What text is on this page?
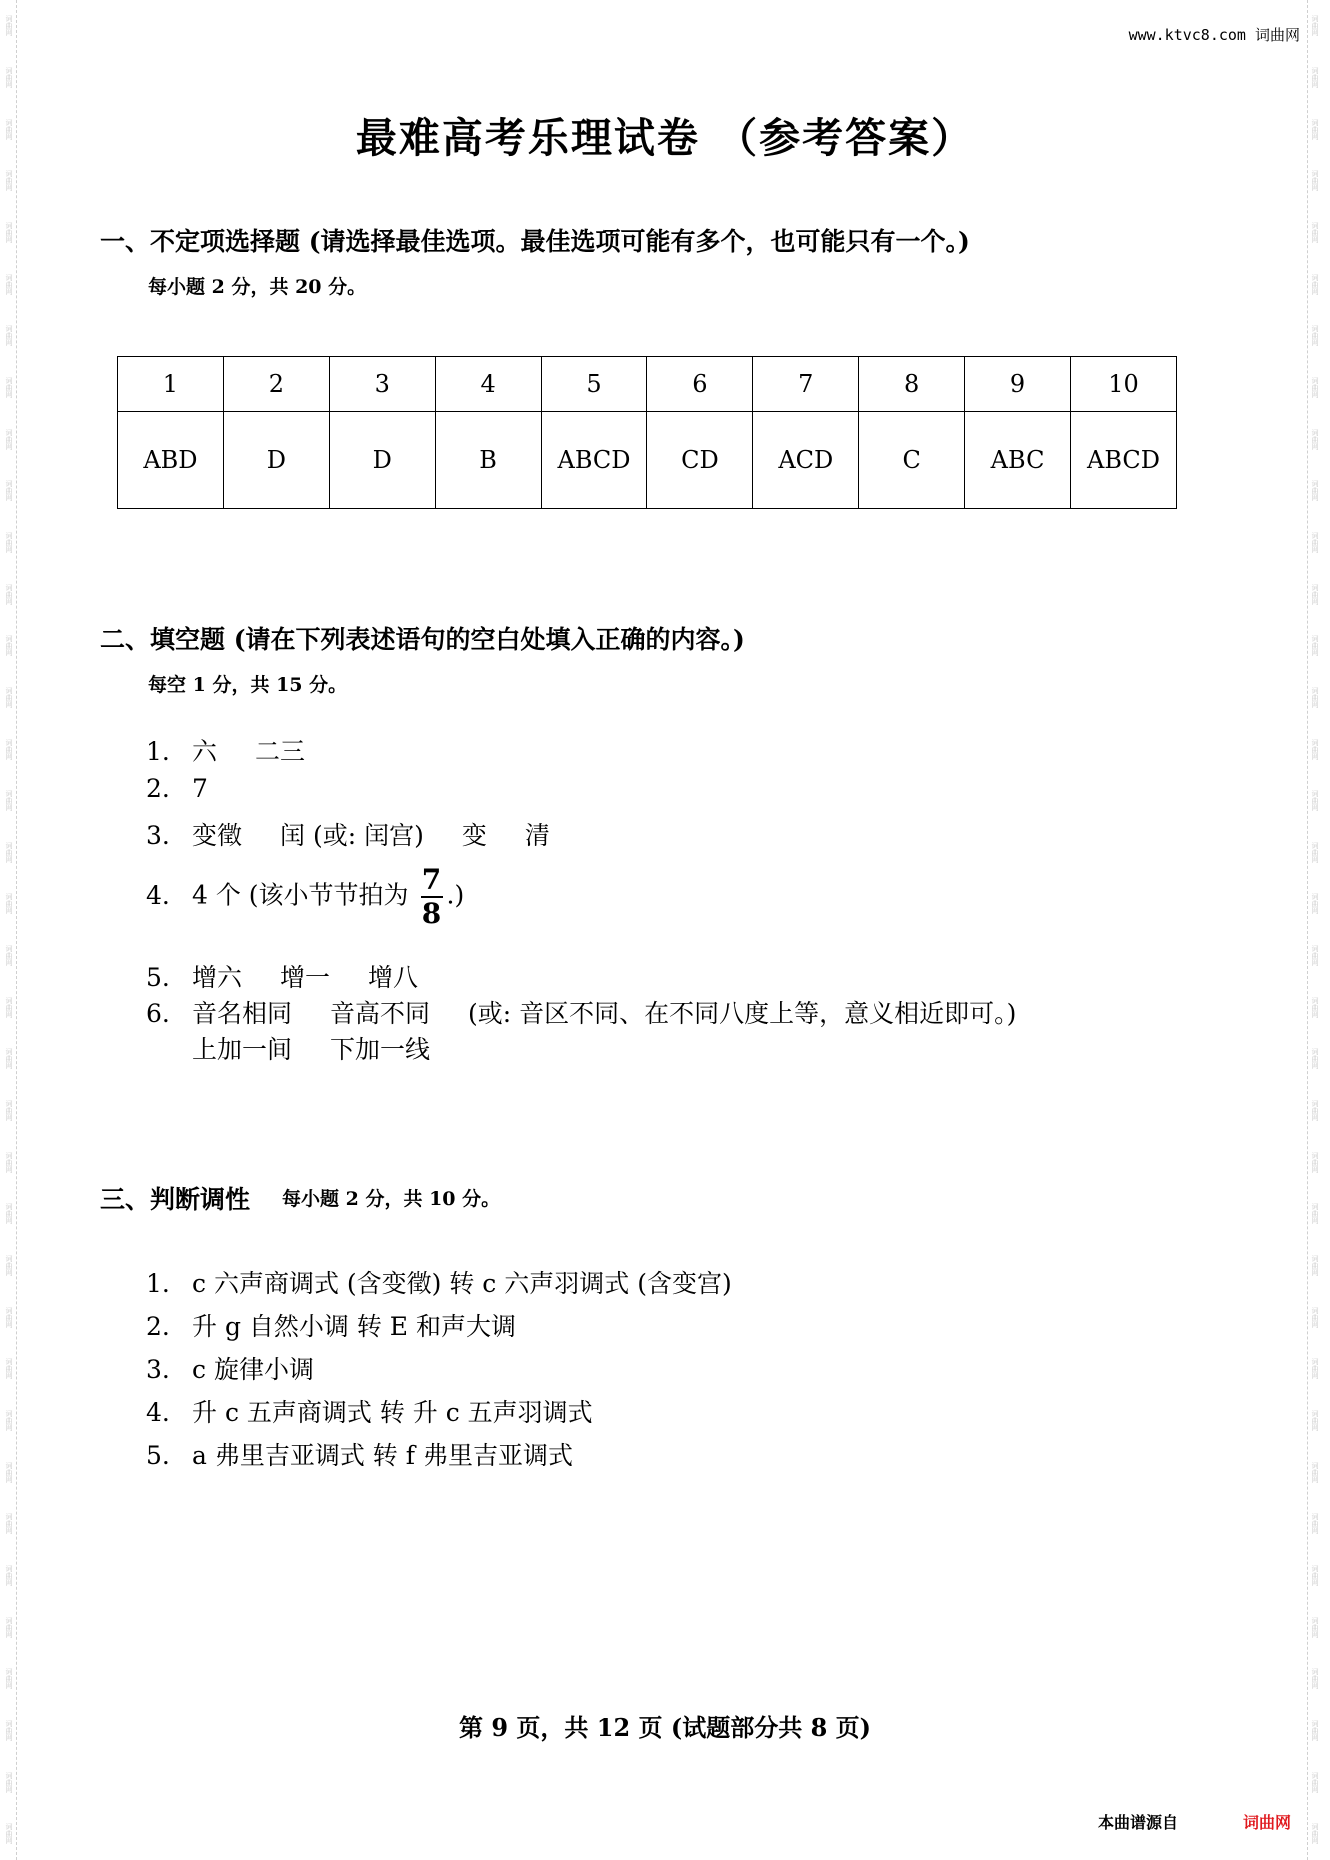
词曲网
词曲网
词曲网
词曲网
词曲网
词曲网
词曲网
词曲网
词曲网
词曲网
词曲网
词曲网
词曲网
词曲网
词曲网
词曲网
词曲网
词曲网
词曲网
词曲网
词曲网
词曲网
词曲网
词曲网
词曲网
词曲网
词曲网
词曲网
词曲网
词曲网
词曲网
词曲网
词曲网
词曲网
词曲网
词曲网
词曲网
词曲网
词曲网
词曲网
词曲网
词曲网
词曲网
词曲网
词曲网
词曲网
词曲网
词曲网
词曲网
词曲网
词曲网
词曲网
词曲网
词曲网
词曲网
词曲网
词曲网
词曲网
词曲网
词曲网
词曲网
词曲网
词曲网
词曲网
词曲网
词曲网
词曲网
词曲网
词曲网
词曲网
词曲网
词曲网
www.ktvc8.com 词曲网
最难高考乐理试卷 （参考答案）
一、不定项选择题 (请选择最佳选项。最佳选项可能有多个，也可能只有一个。)
每小题 2 分，共 20 分。
1	2	3	4	5	6	7	8	9	10
ABD	D	D	B	ABCD	CD	ACD	C	ABC	ABCD
二、填空题 (请在下列表述语句的空白处填入正确的内容。)
每空 1 分，共 15 分。
1. 六 二三
2. 7
3. 变徵 闰 (或: 闰宫) 变 清
4. 4 个 (该小节节拍为 $\frac{7}{8}$ .)
5. 增六 增一 增八
6. 音名相同 音高不同 (或: 音区不同、在不同八度上等，意义相近即可。)
上加一间 下加一线
三、判断调性 每小题 2 分，共 10 分。
1. c 六声商调式 (含变徵) 转 c 六声羽调式 (含变宫)
2. 升 g 自然小调 转 E 和声大调
3. c 旋律小调
4. 升 c 五声商调式 转 升 c 五声羽调式
5. a 弗里吉亚调式 转 f 弗里吉亚调式
第 9 页，共 12 页 (试题部分共 8 页)
本曲谱源自	词曲网
